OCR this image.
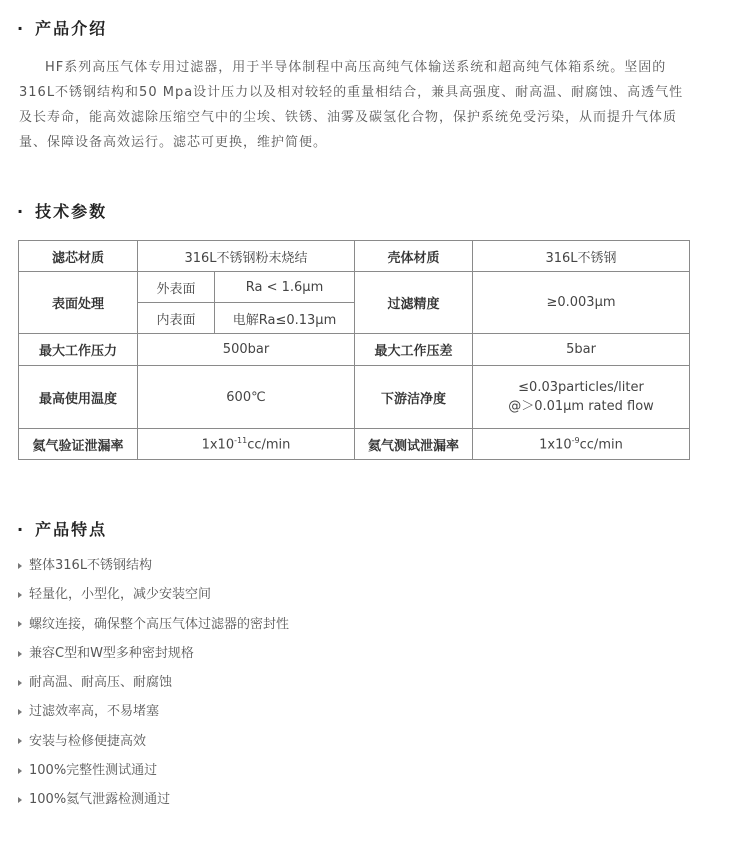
· 产品介绍

HF系列高压气体专用过滤器，用于半导体制程中高压高纯气体输送系统和超高纯气体箱系统。坚固的316L不锈钢结构和50 Mpa设计压力以及相对较轻的重量相结合，兼具高强度、耐高温、耐腐蚀、高透气性及长寿命，能高效滤除压缩空气中的尘埃、铁锈、油雾及碳氢化合物，保护系统免受污染，从而提升气体质量、保障设备高效运行。滤芯可更换，维护简便。

· 技术参数
滤芯材质	316L不锈钢粉末烧结		壳体材质	316L不锈钢
表面处理	外表面	Ra < 1.6μm	过滤精度	≥0.003μm
	内表面	电解Ra≤0.13μm		
最大工作压力	500bar		最大工作压差	5bar
最高使用温度	600℃		下游洁净度	≤0.03particles/liter
@＞0.01μm rated flow

氦气验证泄漏率	$1x10^{-11}cc/\min$		氦气测试泄漏率	$1x10^{-9}cc/\min$
· 产品特点
整体316L不锈钢结构
轻量化，小型化，减少安装空间
螺纹连接，确保整个高压气体过滤器的密封性
兼容C型和W型多种密封规格
耐高温、耐高压、耐腐蚀
过滤效率高，不易堵塞
安装与检修便捷高效
100%完整性测试通过
100%氦气泄露检测通过
